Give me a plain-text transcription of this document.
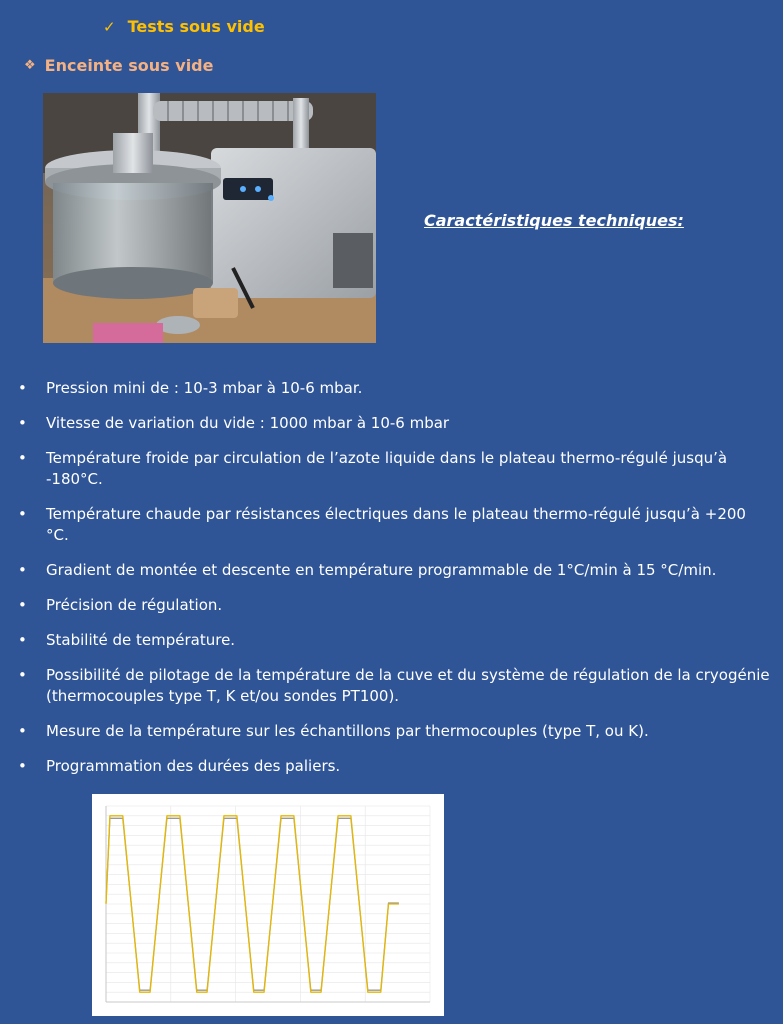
✓ Tests sous vide
❖ Enceinte sous vide
Caractéristiques techniques:
• Pression mini de : 10-3 mbar à 10-6 mbar.
• Vitesse de variation du vide : 1000 mbar à 10-6 mbar
• Température froide par circulation de l’azote liquide dans le plateau thermo-régulé jusqu’à -180°C.
• Température chaude par résistances électriques dans le plateau thermo-régulé jusqu’à +200 °C.
• Gradient de montée et descente en température programmable de 1°C/min à 15 °C/min.
• Précision de régulation.
• Stabilité de température.
• Possibilité de pilotage de la température de la cuve et du système de régulation de la cryogénie (thermocouples type T, K et/ou sondes PT100).
• Mesure de la température sur les échantillons par thermocouples (type T, ou K).
• Programmation des durées des paliers.
